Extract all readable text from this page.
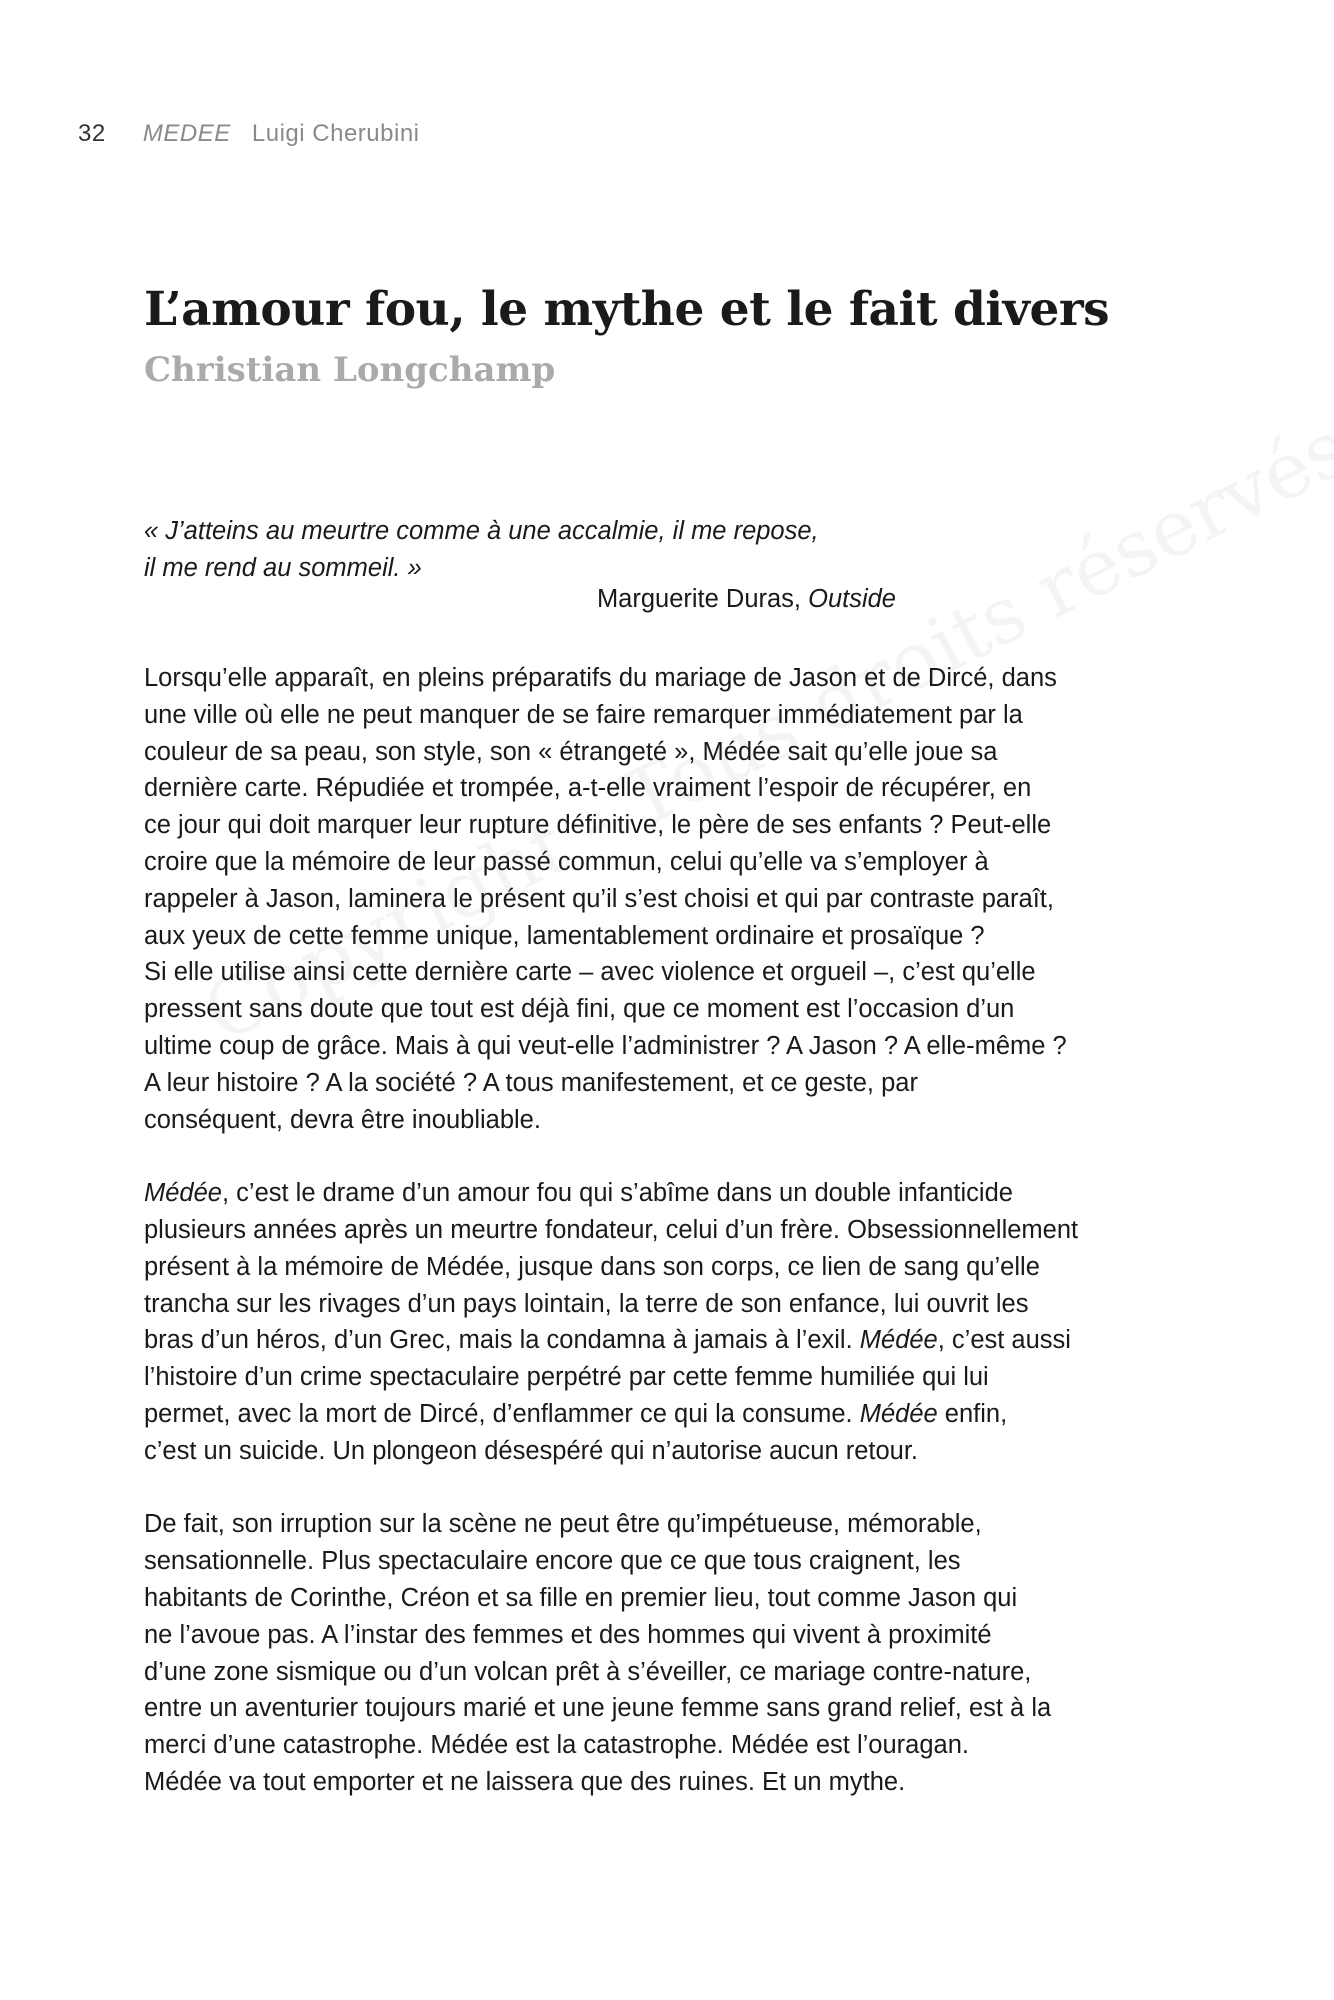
32 MEDEE Luigi Cherubini
L’amour fou, le mythe et le fait divers
Christian Longchamp
« J’atteins au meurtre comme à une accalmie, il me repose,
il me rend au sommeil. »
Marguerite Duras, Outside

Lorsqu’elle apparaît, en pleins préparatifs du mariage de Jason et de Dircé, dans
une ville où elle ne peut manquer de se faire remarquer immédiatement par la
couleur de sa peau, son style, son « étrangeté », Médée sait qu’elle joue sa
dernière carte. Répudiée et trompée, a-t-elle vraiment l’espoir de récupérer, en
ce jour qui doit marquer leur rupture définitive, le père de ses enfants ? Peut-elle
croire que la mémoire de leur passé commun, celui qu’elle va s’employer à
rappeler à Jason, laminera le présent qu’il s’est choisi et qui par contraste paraît,
aux yeux de cette femme unique, lamentablement ordinaire et prosaïque ?
Si elle utilise ainsi cette dernière carte – avec violence et orgueil –, c’est qu’elle
pressent sans doute que tout est déjà fini, que ce moment est l’occasion d’un
ultime coup de grâce. Mais à qui veut-elle l’administrer ? A Jason ? A elle-même ?
A leur histoire ? A la société ? A tous manifestement, et ce geste, par
conséquent, devra être inoubliable.

Médée, c’est le drame d’un amour fou qui s’abîme dans un double infanticide
plusieurs années après un meurtre fondateur, celui d’un frère. Obsessionnellement
présent à la mémoire de Médée, jusque dans son corps, ce lien de sang qu’elle
trancha sur les rivages d’un pays lointain, la terre de son enfance, lui ouvrit les
bras d’un héros, d’un Grec, mais la condamna à jamais à l’exil. Médée, c’est aussi
l’histoire d’un crime spectaculaire perpétré par cette femme humiliée qui lui
permet, avec la mort de Dircé, d’enflammer ce qui la consume. Médée enfin,
c’est un suicide. Un plongeon désespéré qui n’autorise aucun retour.

De fait, son irruption sur la scène ne peut être qu’impétueuse, mémorable,
sensationnelle. Plus spectaculaire encore que ce que tous craignent, les
habitants de Corinthe, Créon et sa fille en premier lieu, tout comme Jason qui
ne l’avoue pas. A l’instar des femmes et des hommes qui vivent à proximité
d’une zone sismique ou d’un volcan prêt à s’éveiller, ce mariage contre-nature,
entre un aventurier toujours marié et une jeune femme sans grand relief, est à la
merci d’une catastrophe. Médée est la catastrophe. Médée est l’ouragan.
Médée va tout emporter et ne laissera que des ruines. Et un mythe.
